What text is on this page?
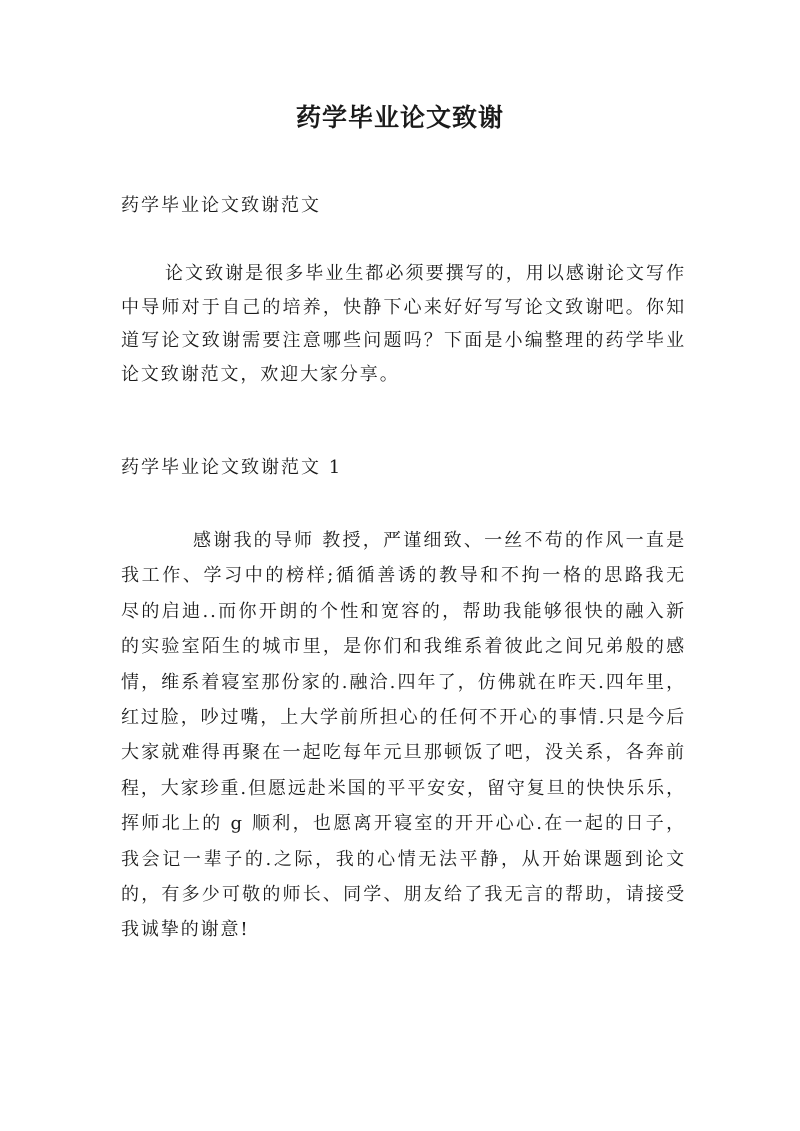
药学毕业论文致谢

药学毕业论文致谢范文

论文致谢是很多毕业生都必须要撰写的，用以感谢论文写作中导师对于自己的培养，快静下心来好好写写论文致谢吧。你知道写论文致谢需要注意哪些问题吗？下面是小编整理的药学毕业论文致谢范文，欢迎大家分享。

药学毕业论文致谢范文 1

感谢我的导师 教授，严谨细致、一丝不苟的作风一直是我工作、学习中的榜样;循循善诱的教导和不拘一格的思路我无尽的启迪..而你开朗的个性和宽容的，帮助我能够很快的融入新的实验室陌生的城市里，是你们和我维系着彼此之间兄弟般的感情，维系着寝室那份家的.融洽.四年了，仿佛就在昨天.四年里，红过脸，吵过嘴，上大学前所担心的任何不开心的事情.只是今后大家就难得再聚在一起吃每年元旦那顿饭了吧，没关系，各奔前程，大家珍重.但愿远赴米国的平平安安，留守复旦的快快乐乐，挥师北上的 g 顺利，也愿离开寝室的开开心心.在一起的日子，我会记一辈子的.之际，我的心情无法平静，从开始课题到论文的，有多少可敬的师长、同学、朋友给了我无言的帮助，请接受我诚挚的谢意!
